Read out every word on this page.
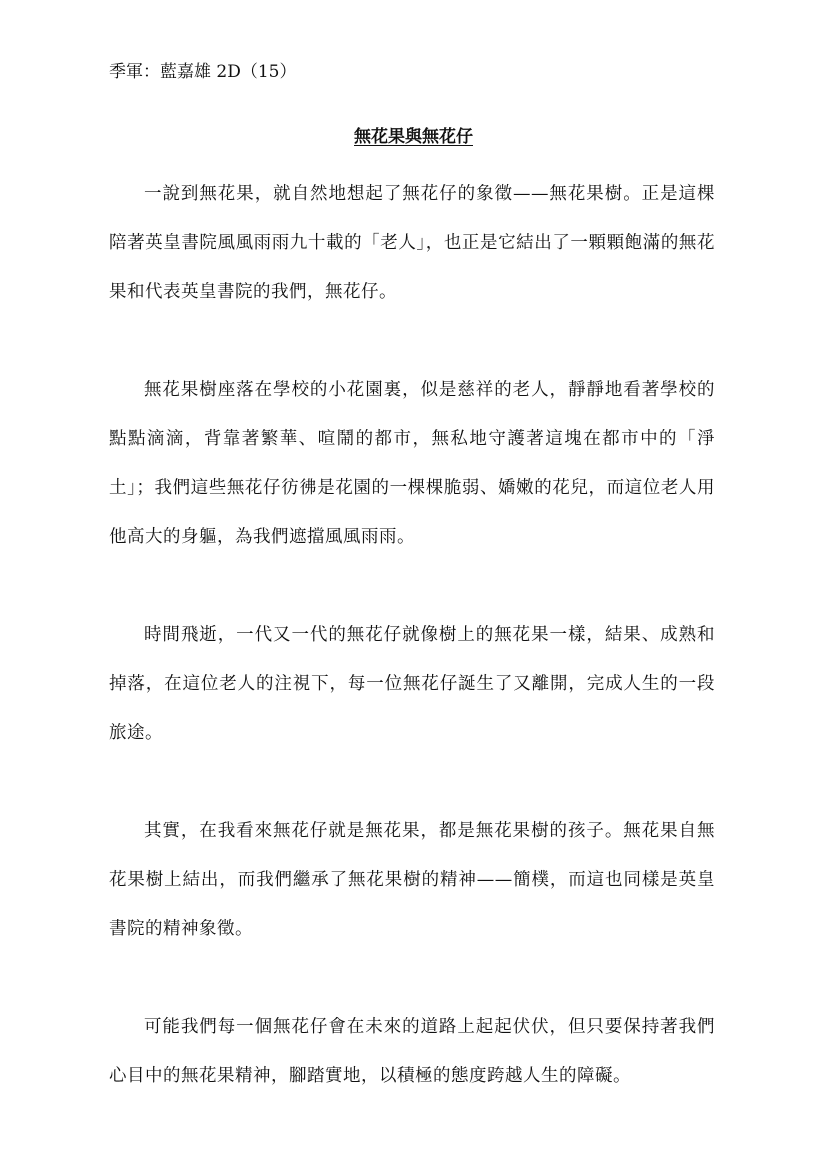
季軍：藍嘉雄 2D（15）
無花果與無花仔

一說到無花果，就自然地想起了無花仔的象徵——無花果樹。正是這棵陪著英皇書院風風雨雨九十載的「老人」，也正是它結出了一顆顆飽滿的無花果和代表英皇書院的我們，無花仔。

無花果樹座落在學校的小花園裏，似是慈祥的老人，靜靜地看著學校的點點滴滴，背靠著繁華、喧鬧的都市，無私地守護著這塊在都市中的「淨土」；我們這些無花仔彷彿是花園的一棵棵脆弱、嬌嫩的花兒，而這位老人用他高大的身軀，為我們遮擋風風雨雨。

時間飛逝，一代又一代的無花仔就像樹上的無花果一樣，結果、成熟和掉落，在這位老人的注視下，每一位無花仔誕生了又離開，完成人生的一段旅途。

其實，在我看來無花仔就是無花果，都是無花果樹的孩子。無花果自無花果樹上結出，而我們繼承了無花果樹的精神——簡樸，而這也同樣是英皇書院的精神象徵。

可能我們每一個無花仔會在未來的道路上起起伏伏，但只要保持著我們心目中的無花果精神，腳踏實地，以積極的態度跨越人生的障礙。
